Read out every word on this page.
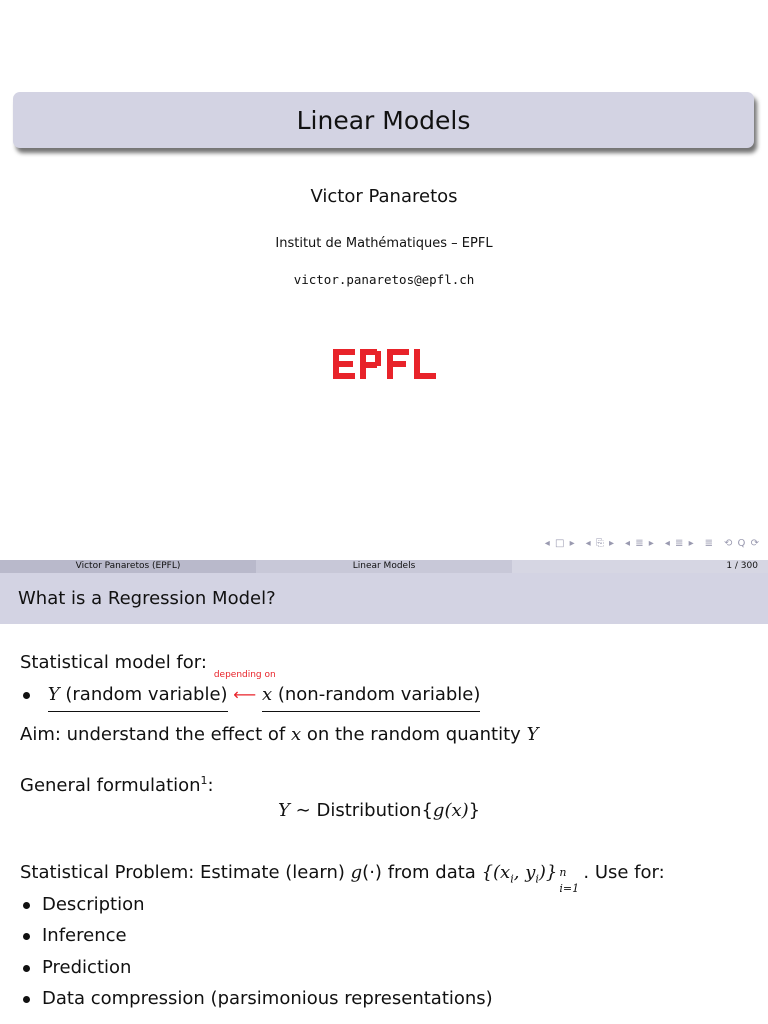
Linear Models
Victor Panaretos
Institut de Mathématiques – EPFL
victor.panaretos@epfl.ch
◂ □ ▸ ◂ ⎘ ▸ ◂ ≣ ▸ ◂ ≣ ▸ ≣ ⟲ Q ⟳
Victor Panaretos (EPFL)	Linear Models	1 / 300
What is a Regression Model?
Statistical model for:
Y (random variable)
depending on
⟵ x (non-random variable)
Aim: understand the effect of x on the random quantity Y
General formulation$^1$:
Y ∼ Distribution{g(x)}
Statistical Problem: Estimate (learn) g(·) from data {($x_i$, $y_i$)} n
i=1
. Use for:
Description
Inference
Prediction
Data compression (parsimonious representations)
